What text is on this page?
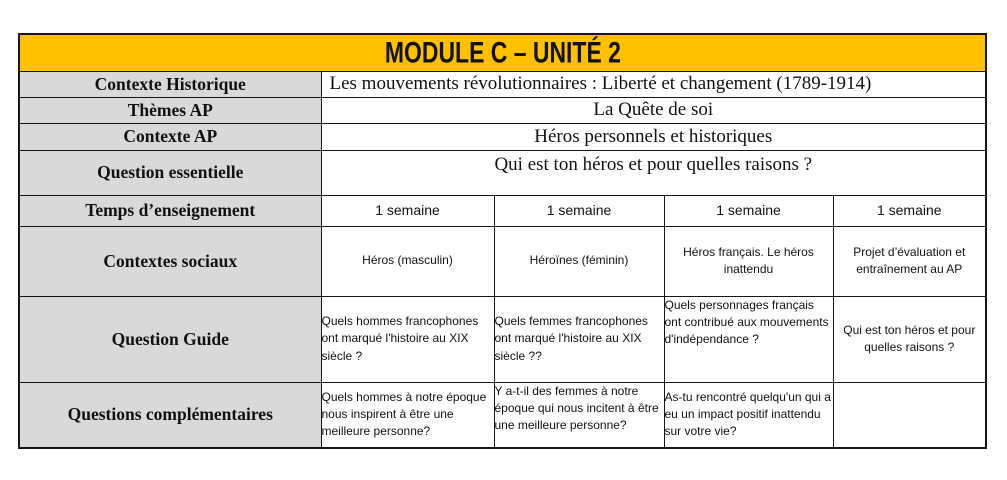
MODULE C – UNITÉ 2				
Contexte Historique	Les mouvements révolutionnaires : Liberté et changement (1789-1914)			
Thèmes AP	La Quête de soi			
Contexte AP	Héros personnels et historiques			
Question essentielle	Qui est ton héros et pour quelles raisons ?			
Temps d’enseignement	1 semaine	1 semaine	1 semaine	1 semaine
Contextes sociaux	Héros (masculin)	Héroïnes (féminin)	Héros français. Le héros inattendu	Projet d’évaluation et entraînement au AP
Question Guide	Quels hommes francophones ont marqué l'histoire au XIX siècle ?	Quels femmes francophones ont marqué l'histoire au XIX siècle ??	Quels personnages français ont contribué aux mouvements d'indépendance ?	Qui est ton héros et pour quelles raisons ?
Questions complémentaires	Quels hommes à notre époque nous inspirent à être une meilleure personne?	Y a-t-il des femmes à notre époque qui nous incitent à être une meilleure personne?	As-tu rencontré quelqu'un qui a eu un impact positif inattendu sur votre vie?	
